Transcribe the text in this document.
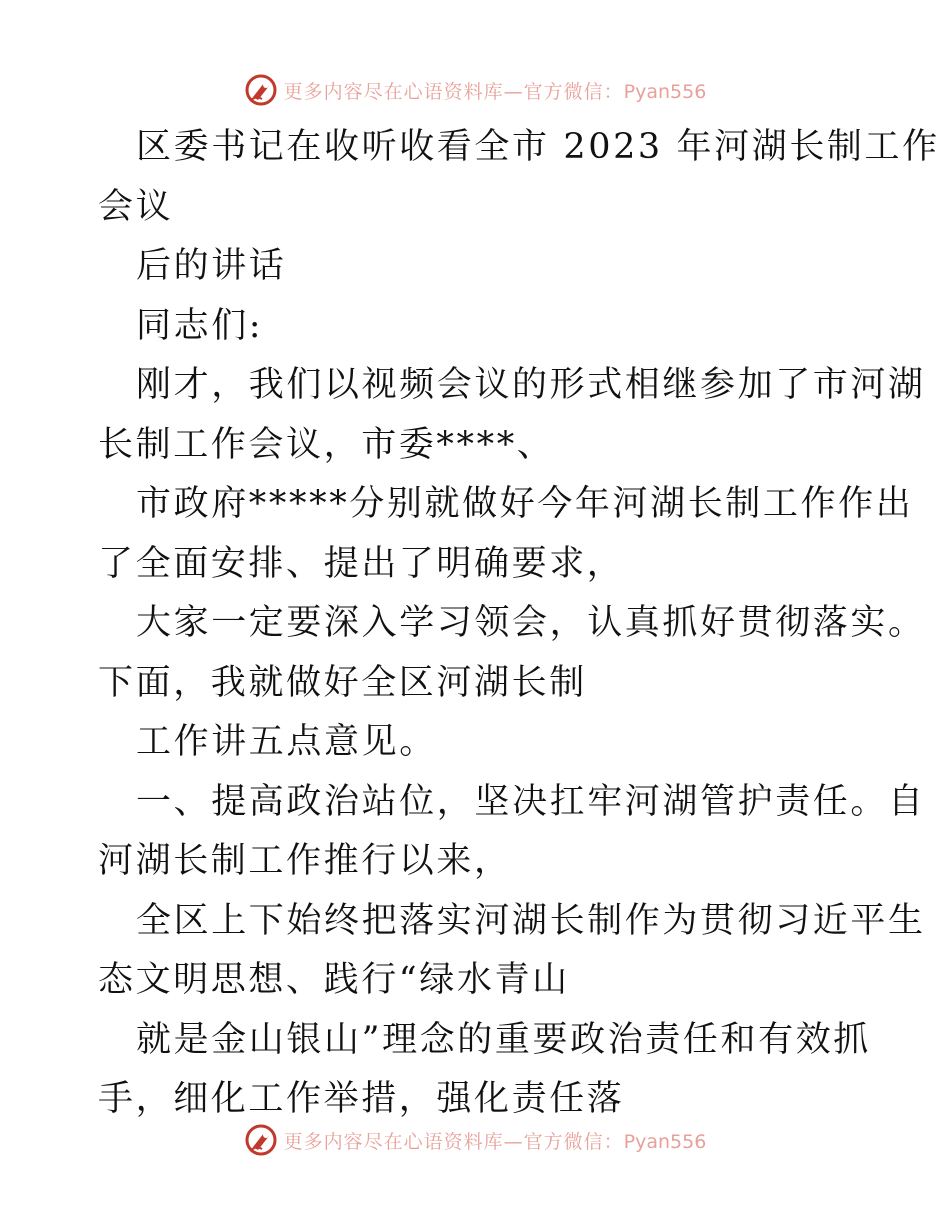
更多内容尽在心语资料库—官方微信：Pyan556
区委书记在收听收看全市 2023 年河湖长制工作
会议
后的讲话
同志们:
刚才，我们以视频会议的形式相继参加了市河湖
长制工作会议，市委****、
市政府*****分别就做好今年河湖长制工作作出
了全面安排、提出了明确要求，
大家一定要深入学习领会，认真抓好贯彻落实。
下面，我就做好全区河湖长制
工作讲五点意见。
一、提高政治站位，坚决扛牢河湖管护责任。自
河湖长制工作推行以来，
全区上下始终把落实河湖长制作为贯彻习近平生
态文明思想、践行“绿水青山
就是金山银山”理念的重要政治责任和有效抓
手，细化工作举措，强化责任落
更多内容尽在心语资料库—官方微信：Pyan556
